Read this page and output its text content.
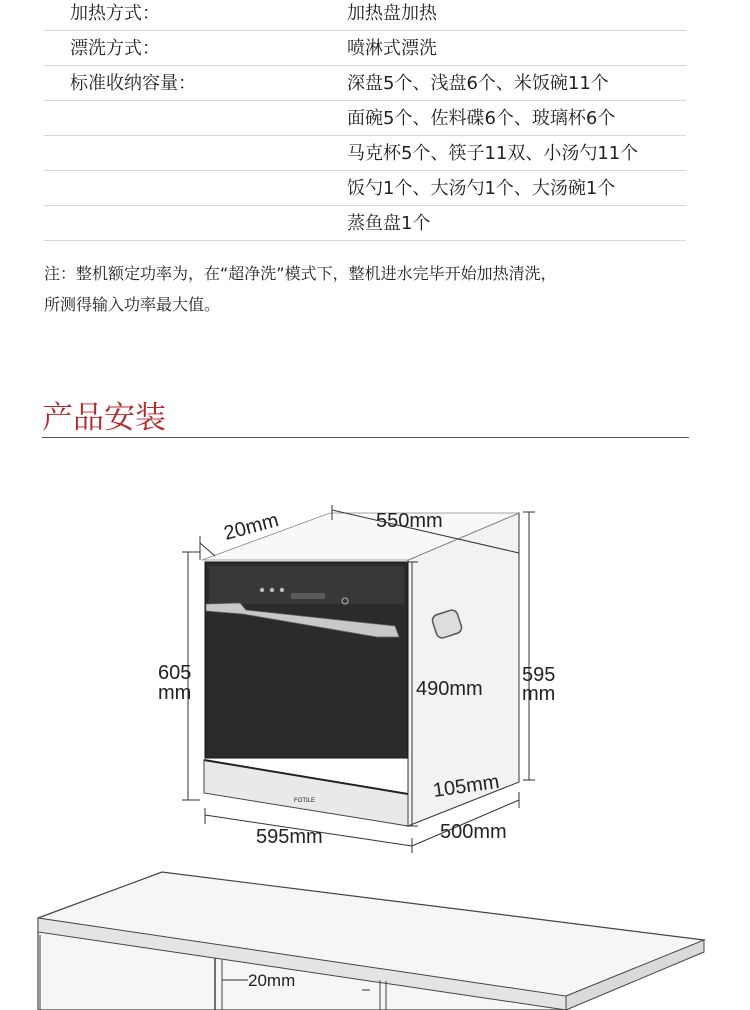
加热方式：	加热盘加热
漂洗方式：	喷淋式漂洗
标准收纳容量：	深盘5个、浅盘6个、米饭碗11个
面碗5个、佐料碟6个、玻璃杯6个
马克杯5个、筷子11双、小汤勺11个
饭勺1个、大汤勺1个、大汤碗1个
蒸鱼盘1个

注：整机额定功率为，在“超净洗”模式下，整机进水完毕开始加热清洗，

所测得输入功率最大值。

产品安装
550mm
20mm
605
mm	490mm
595
mm
105mm
595mm	500mm
FOTILE
20mm
